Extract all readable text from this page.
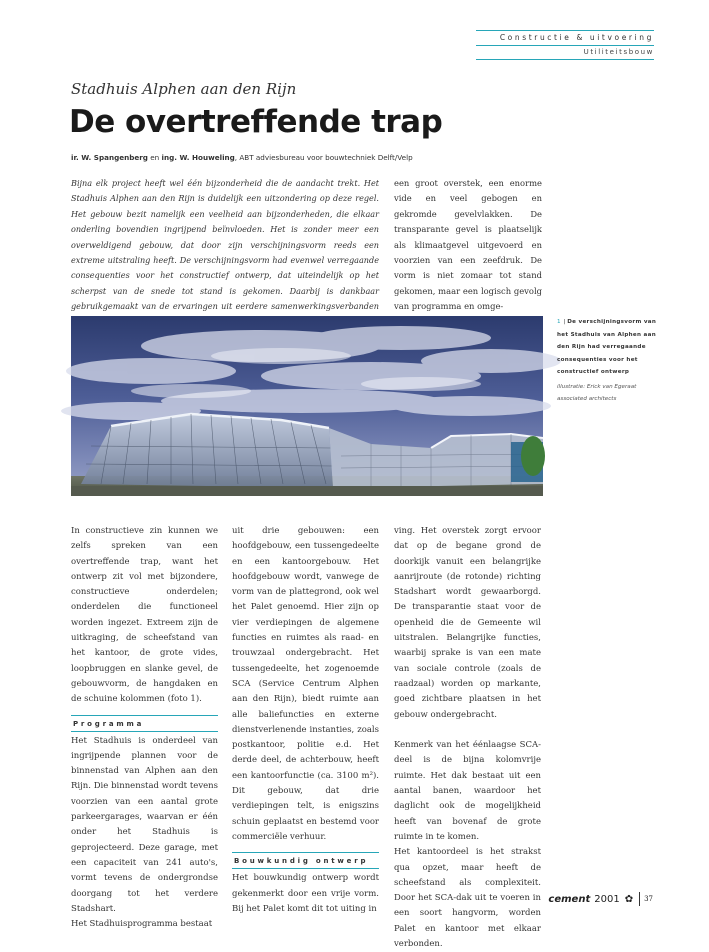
Constructie & uitvoering
Utiliteitsbouw
Stadhuis Alphen aan den Rijn
De overtreffende trap
ir. W. Spangenberg en ing. W. Houweling, ABT adviesbureau voor bouwtechniek Delft/Velp
Bijna elk project heeft wel één bijzonderheid die de aandacht trekt. Het Stadhuis Alphen aan den Rijn is duidelijk een uitzondering op deze regel. Het gebouw bezit namelijk een veelheid aan bijzonderheden, die elkaar onderling bovendien ingrijpend beïnvloeden. Het is zonder meer een overweldigend gebouw, dat door zijn verschijningsvorm reeds een extreme uitstraling heeft. De verschijningsvorm had evenwel verregaande consequenties voor het constructief ontwerp, dat uiteindelijk op het scherpst van de snede tot stand is gekomen. Daarbij is dankbaar gebruikgemaakt van de ervaringen uit eerdere samenwerkingsverbanden
een groot overstek, een enorme vide en veel gebogen en gekromde gevelvlakken. De transparante gevel is plaatselijk als klimaatgevel uitgevoerd en voorzien van een zeefdruk. De vorm is niet zomaar tot stand gekomen, maar een logisch gevolg van programma en omge-
1 | De verschijningsvorm van het Stadhuis van Alphen aan den Rijn had verregaande consequenties voor het constructief ontwerp
illustratie: Erick van Egeraat associated architects

In constructieve zin kunnen we zelfs spreken van een overtreffende trap, want het ontwerp zit vol met bijzondere, constructieve onderdelen; onderdelen die functioneel worden ingezet. Extreem zijn de uitkraging, de scheefstand van het kantoor, de grote vides, loopbruggen en slanke gevel, de gebouwvorm, de hangdaken en de schuine kolommen (foto 1).

Programma

Het Stadhuis is onderdeel van ingrijpende plannen voor de binnenstad van Alphen aan den Rijn. Die binnenstad wordt tevens voorzien van een aantal grote parkeergarages, waarvan er één onder het Stadhuis is geprojecteerd. Deze garage, met een capaciteit van 241 auto's, vormt tevens de ondergrondse doorgang tot het verdere Stadshart.

Het Stadhuisprogramma bestaat

uit drie gebouwen: een hoofdgebouw, een tussengedeelte en een kantoorgebouw. Het hoofdgebouw wordt, vanwege de vorm van de plattegrond, ook wel het Palet genoemd. Hier zijn op vier verdiepingen de algemene functies en ruimtes als raad- en trouwzaal ondergebracht. Het tussengedeelte, het zogenoemde SCA (Service Centrum Alphen aan den Rijn), biedt ruimte aan alle baliefuncties en externe dienstverlenende instanties, zoals postkantoor, politie e.d. Het derde deel, de achterbouw, heeft een kantoorfunctie (ca. 3100 m²). Dit gebouw, dat drie verdiepingen telt, is enigszins schuin geplaatst en bestemd voor commerciële verhuur.

Bouwkundig ontwerp

Het bouwkundig ontwerp wordt gekenmerkt door een vrije vorm. Bij het Palet komt dit tot uiting in

ving. Het overstek zorgt ervoor dat op de begane grond de doorkijk vanuit een belangrijke aanrijroute (de rotonde) richting Stadshart wordt gewaarborgd. De transparantie staat voor de openheid die de Gemeente wil uitstralen. Belangrijke functies, waarbij sprake is van een mate van sociale controle (zoals de raadzaal) worden op markante, goed zichtbare plaatsen in het gebouw ondergebracht.

Kenmerk van het éénlaagse SCA-deel is de bijna kolomvrije ruimte. Het dak bestaat uit een aantal banen, waardoor het daglicht ook de mogelijkheid heeft van bovenaf de grote ruimte in te komen.

Het kantoordeel is het strakst qua opzet, maar heeft de scheefstand als complexiteit. Door het SCA-dak uit te voeren in een soort hangvorm, worden Palet en kantoor met elkaar verbonden.

cement 2001 ✿ 37
